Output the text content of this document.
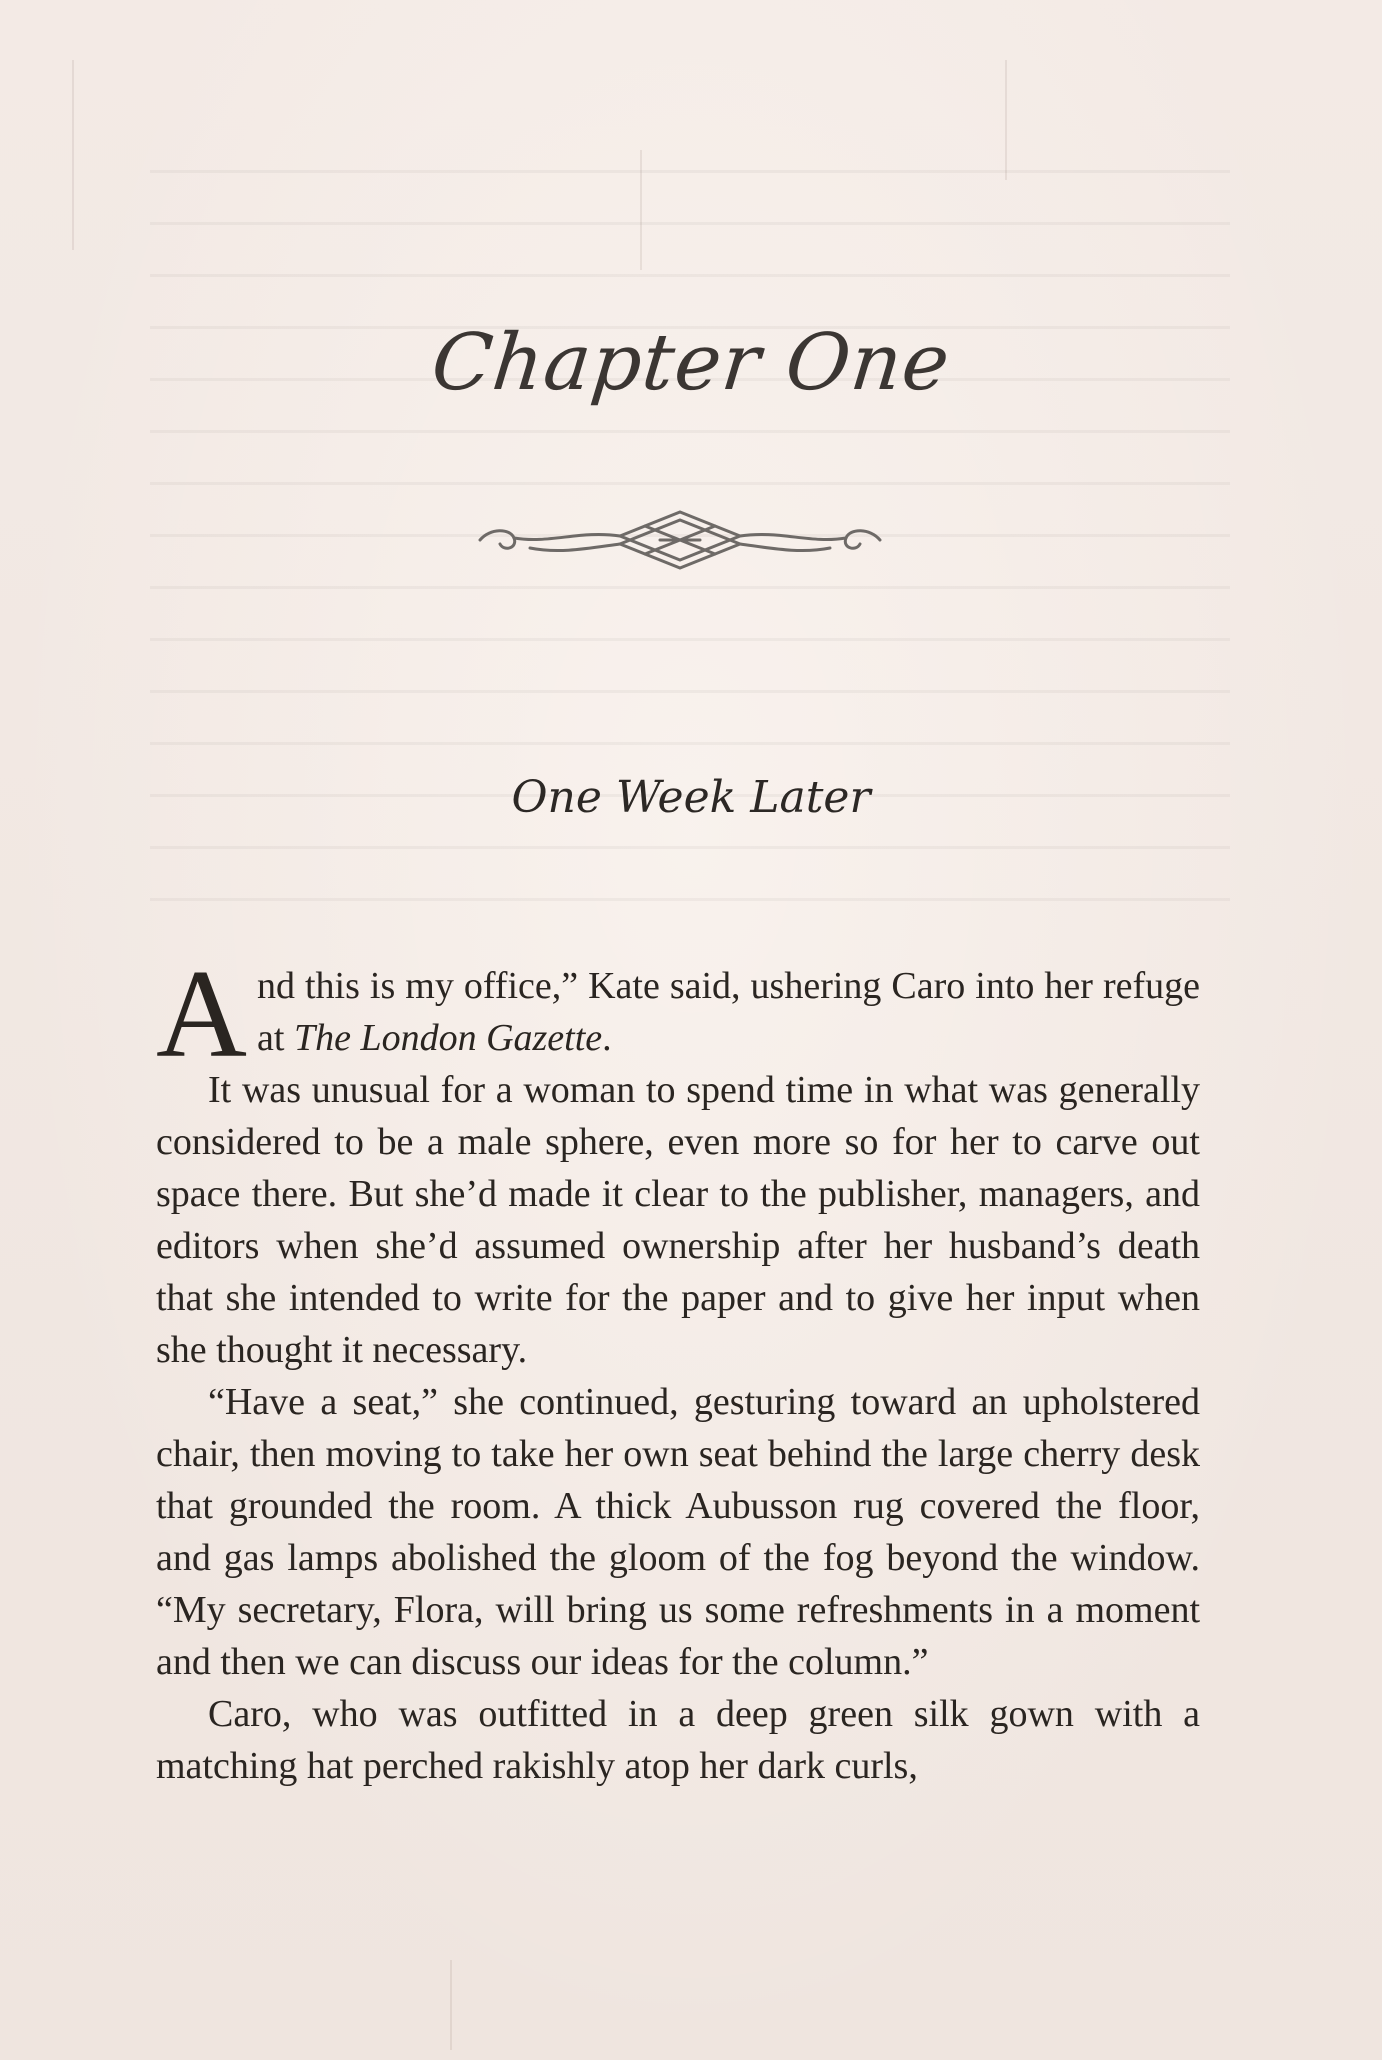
Chapter One
One Week Later

And this is my office,” Kate said, ushering Caro into her refuge at The London Gazette.

It was unusual for a woman to spend time in what was generally considered to be a male sphere, even more so for her to carve out space there. But she’d made it clear to the publisher, managers, and editors when she’d assumed ownership after her husband’s death that she intended to write for the paper and to give her input when she thought it necessary.

“Have a seat,” she continued, gesturing toward an upholstered chair, then moving to take her own seat behind the large cherry desk that grounded the room. A thick Aubusson rug covered the floor, and gas lamps abolished the gloom of the fog beyond the window. “My secretary, Flora, will bring us some refreshments in a moment and then we can discuss our ideas for the column.”

Caro, who was outfitted in a deep green silk gown with a matching hat perched rakishly atop her dark curls,
